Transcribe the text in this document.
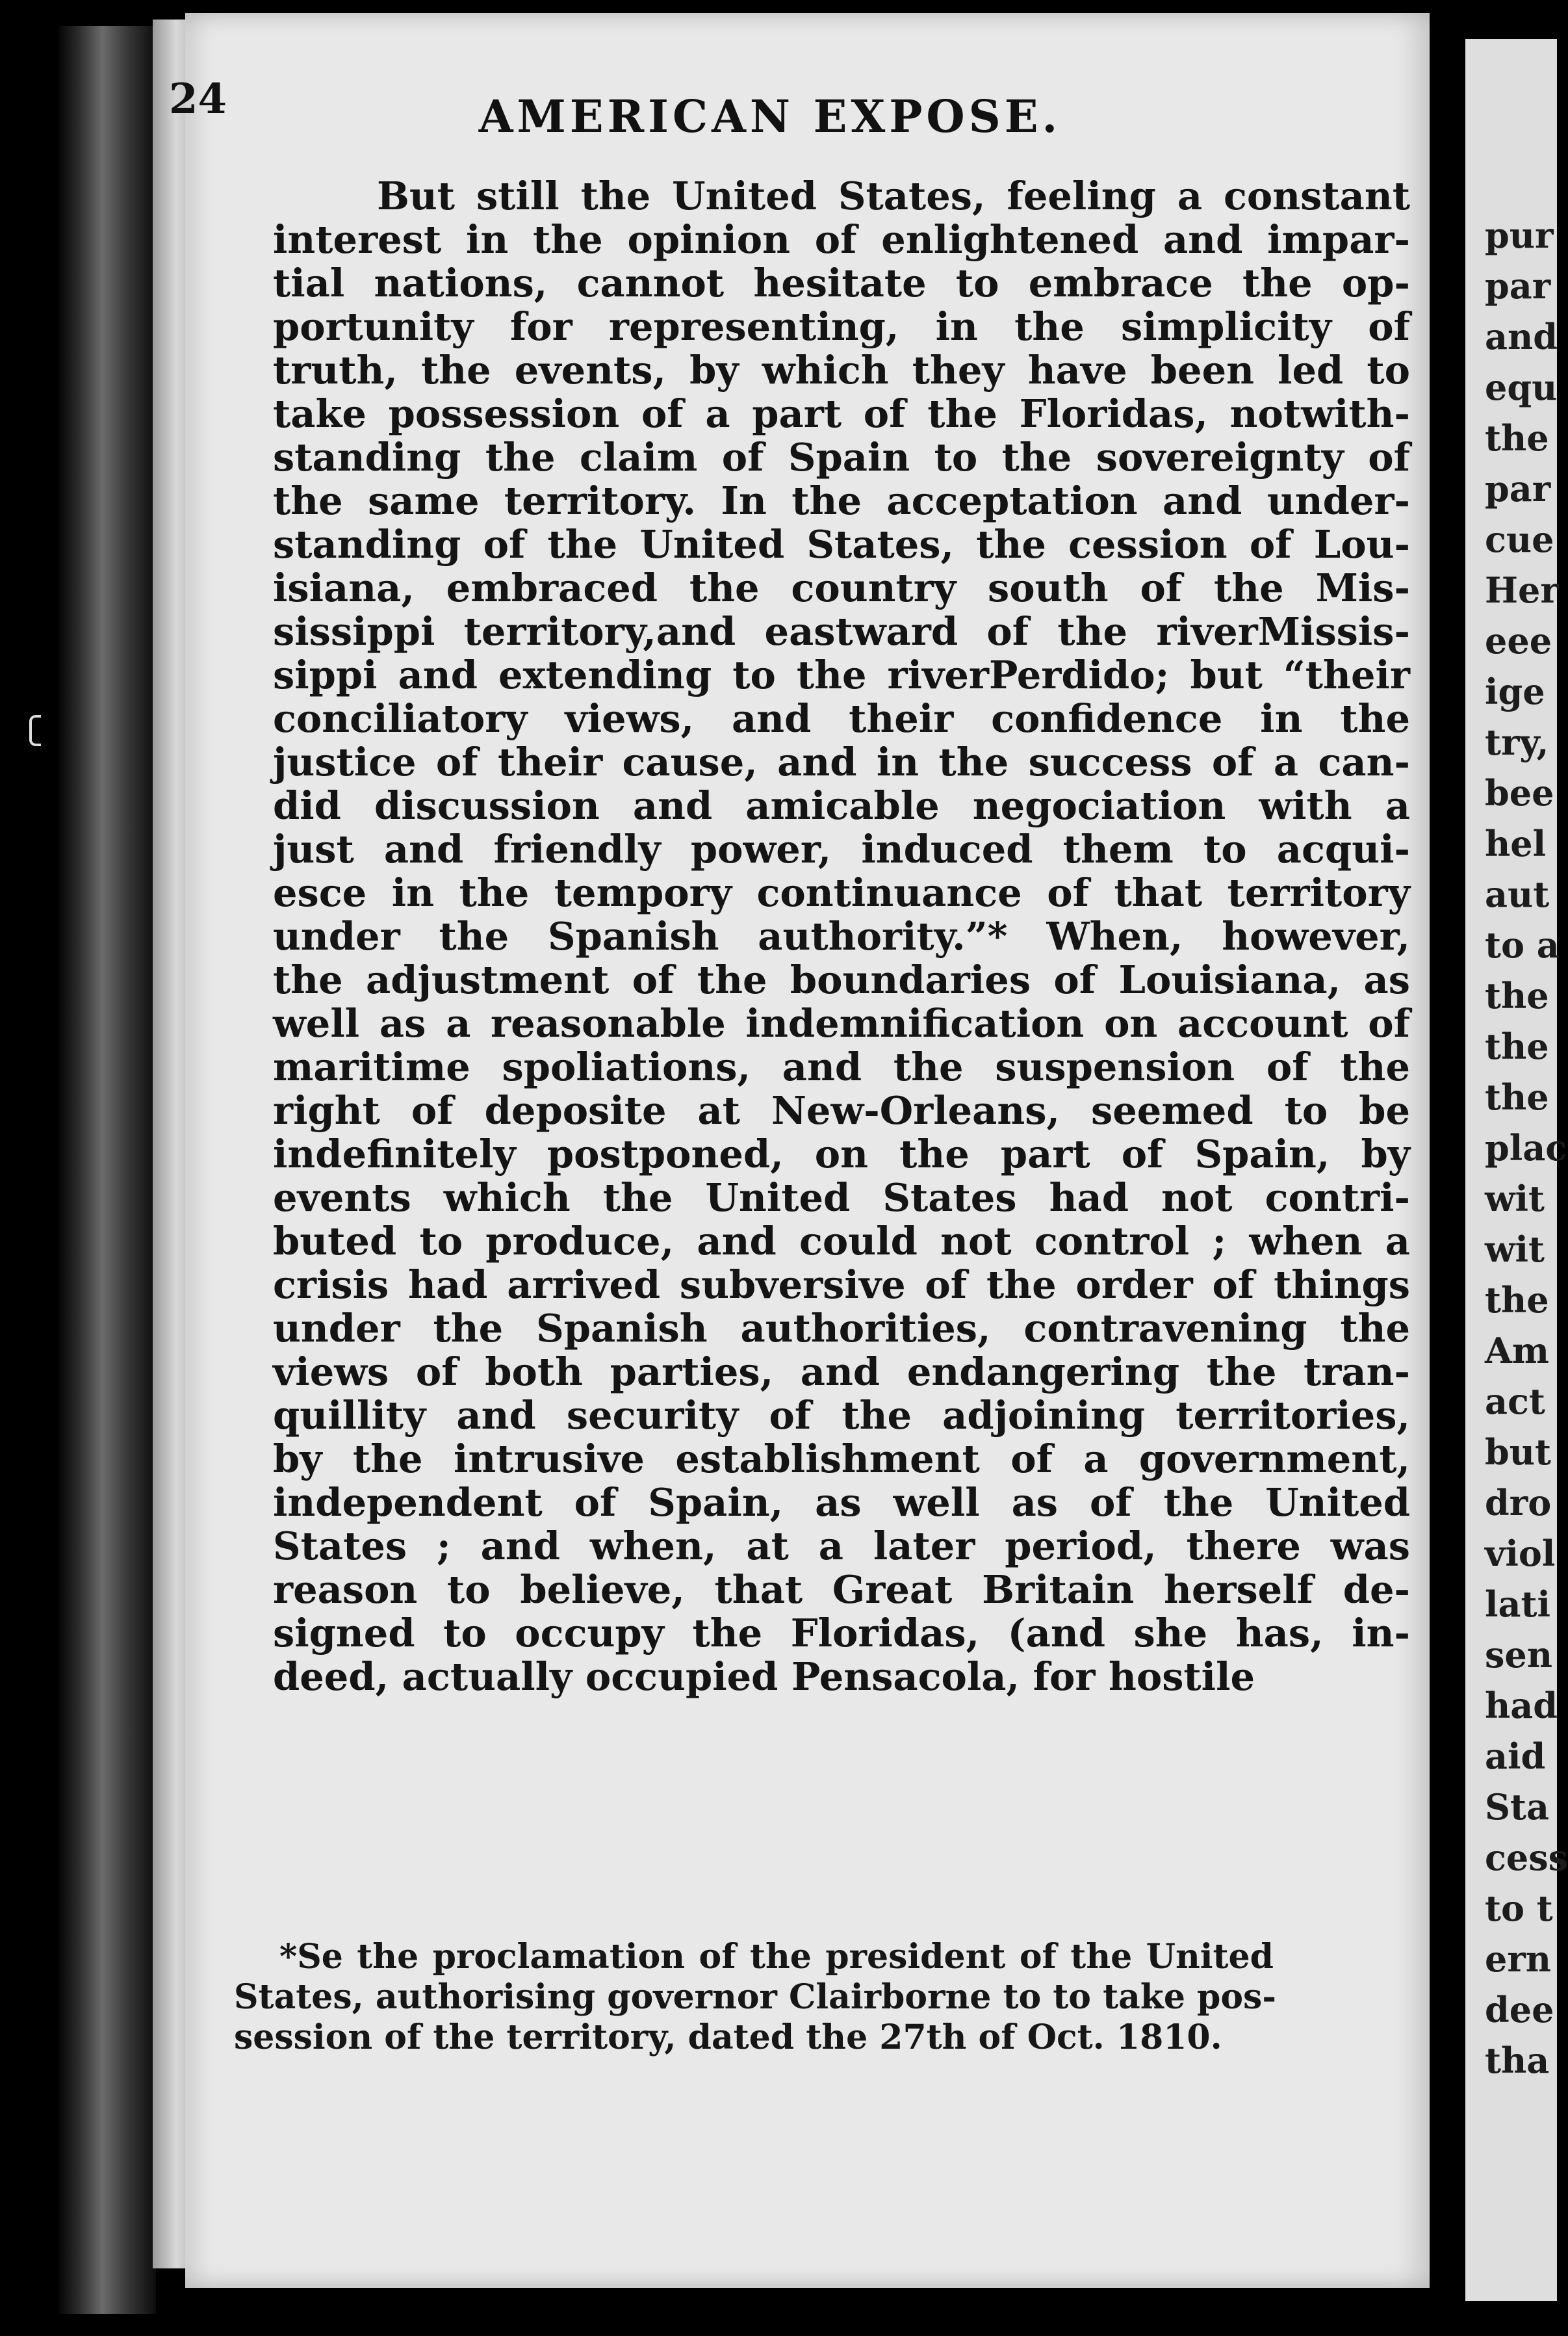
24	AMERICAN EXPOSE.
But still the United States, feeling a constant
interest in the opinion of enlightened and impar-
tial nations, cannot hesitate to embrace the op-
portunity for representing, in the simplicity of
truth, the events, by which they have been led to
take possession of a part of the Floridas, notwith-
standing the claim of Spain to the sovereignty of
the same territory. In the acceptation and under-
standing of the United States, the cession of Lou-
isiana, embraced the country south of the Mis-
sissippi territory,and eastward of the riverMissis-
sippi and extending to the riverPerdido; but “their
conciliatory views, and their confidence in the
justice of their cause, and in the success of a can-
did discussion and amicable negociation with a
just and friendly power, induced them to acqui-
esce in the tempory continuance of that territory
under the Spanish authority.”* When, however,
the adjustment of the boundaries of Louisiana, as
well as a reasonable indemnification on account of
maritime spoliations, and the suspension of the
right of deposite at New-Orleans, seemed to be
indefinitely postponed, on the part of Spain, by
events which the United States had not contri-
buted to produce, and could not control ; when a
crisis had arrived subversive of the order of things
under the Spanish authorities, contravening the
views of both parties, and endangering the tran-
quillity and security of the adjoining territories,
by the intrusive establishment of a government,
independent of Spain, as well as of the United
States ; and when, at a later period, there was
reason to believe, that Great Britain herself de-
signed to occupy the Floridas, (and she has, in-
deed, actually occupied Pensacola, for hostile
*Se the proclamation of the president of the United
States, authorising governor Clairborne to to take pos-
session of the territory, dated the 27th of Oct. 1810.
pur
par
and
equ
the
par
cue
Her
eee
ige
try,
bee
hel
aut
to a
the
the
the
plac
wit
wit
the
Am
act
but
dro
viol
lati
sen
had
aid
Sta
cess
to t
ern
dee
tha
